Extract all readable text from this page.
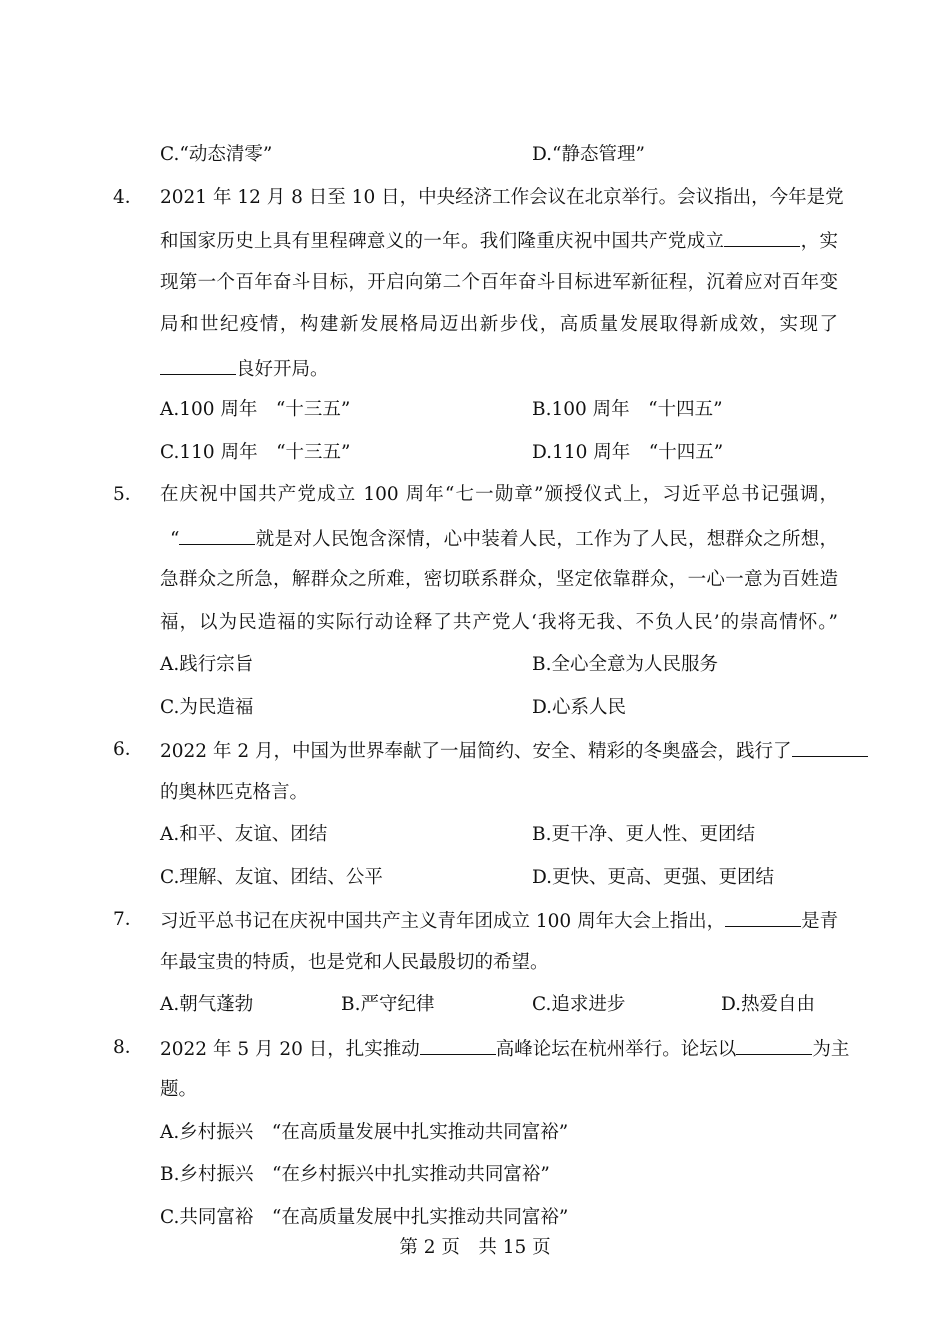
C.“动态清零”	D.“静态管理”
4． 2021 年 12 月 8 日至 10 日，中央经济工作会议在北京举行。会议指出，今年是党
和国家历史上具有里程碑意义的一年。我们隆重庆祝中国共产党成立	，实
现第一个百年奋斗目标，开启向第二个百年奋斗目标进军新征程，沉着应对百年变
局和世纪疫情，构建新发展格局迈出新步伐，高质量发展取得新成效，实现了
良好开局。
A.100 周年　“十三五”	B.100 周年　“十四五”
C.110 周年　“十三五”	D.110 周年　“十四五”
5． 在庆祝中国共产党成立 100 周年“七一勋章”颁授仪式上，习近平总书记强调，
“	就是对人民饱含深情，心中装着人民，工作为了人民，想群众之所想，
急群众之所急，解群众之所难，密切联系群众，坚定依靠群众，一心一意为百姓造
福，以为民造福的实际行动诠释了共产党人‘我将无我、不负人民’的崇高情怀。”
A.践行宗旨	B.全心全意为人民服务
C.为民造福	D.心系人民
6． 2022 年 2 月，中国为世界奉献了一届简约、安全、精彩的冬奥盛会，践行了
的奥林匹克格言。
A.和平、友谊、团结	B.更干净、更人性、更团结
C.理解、友谊、团结、公平	D.更快、更高、更强、更团结
7． 习近平总书记在庆祝中国共产主义青年团成立 100 周年大会上指出，	是青
年最宝贵的特质，也是党和人民最殷切的希望。
A.朝气蓬勃	B.严守纪律	C.追求进步	D.热爱自由
8． 2022 年 5 月 20 日，扎实推动	高峰论坛在杭州举行。论坛以	为主
题。
A.乡村振兴　“在高质量发展中扎实推动共同富裕”
B.乡村振兴　“在乡村振兴中扎实推动共同富裕”
C.共同富裕　“在高质量发展中扎实推动共同富裕”
第 2 页　共 15 页
